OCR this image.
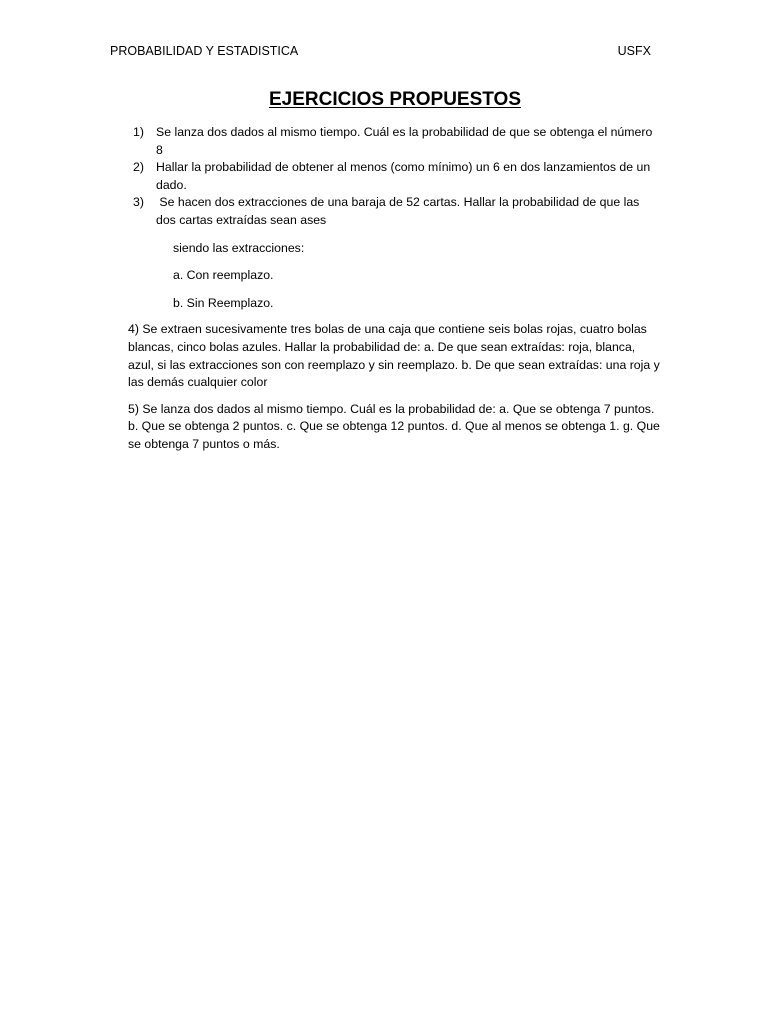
PROBABILIDAD Y ESTADISTICA	USFX
EJERCICIOS PROPUESTOS
1) Se lanza dos dados al mismo tiempo. Cuál es la probabilidad de que se obtenga el número 8
2) Hallar la probabilidad de obtener al menos (como mínimo) un 6 en dos lanzamientos de un dado.
3) Se hacen dos extracciones de una baraja de 52 cartas. Hallar la probabilidad de que las dos cartas extraídas sean ases
siendo las extracciones:
a. Con reemplazo.
b. Sin Reemplazo.

4) Se extraen sucesivamente tres bolas de una caja que contiene seis bolas rojas, cuatro bolas blancas, cinco bolas azules. Hallar la probabilidad de: a. De que sean extraídas: roja, blanca, azul, si las extracciones son con reemplazo y sin reemplazo. b. De que sean extraídas: una roja y las demás cualquier color

5) Se lanza dos dados al mismo tiempo. Cuál es la probabilidad de: a. Que se obtenga 7 puntos. b. Que se obtenga 2 puntos. c. Que se obtenga 12 puntos. d. Que al menos se obtenga 1. g. Que se obtenga 7 puntos o más.
